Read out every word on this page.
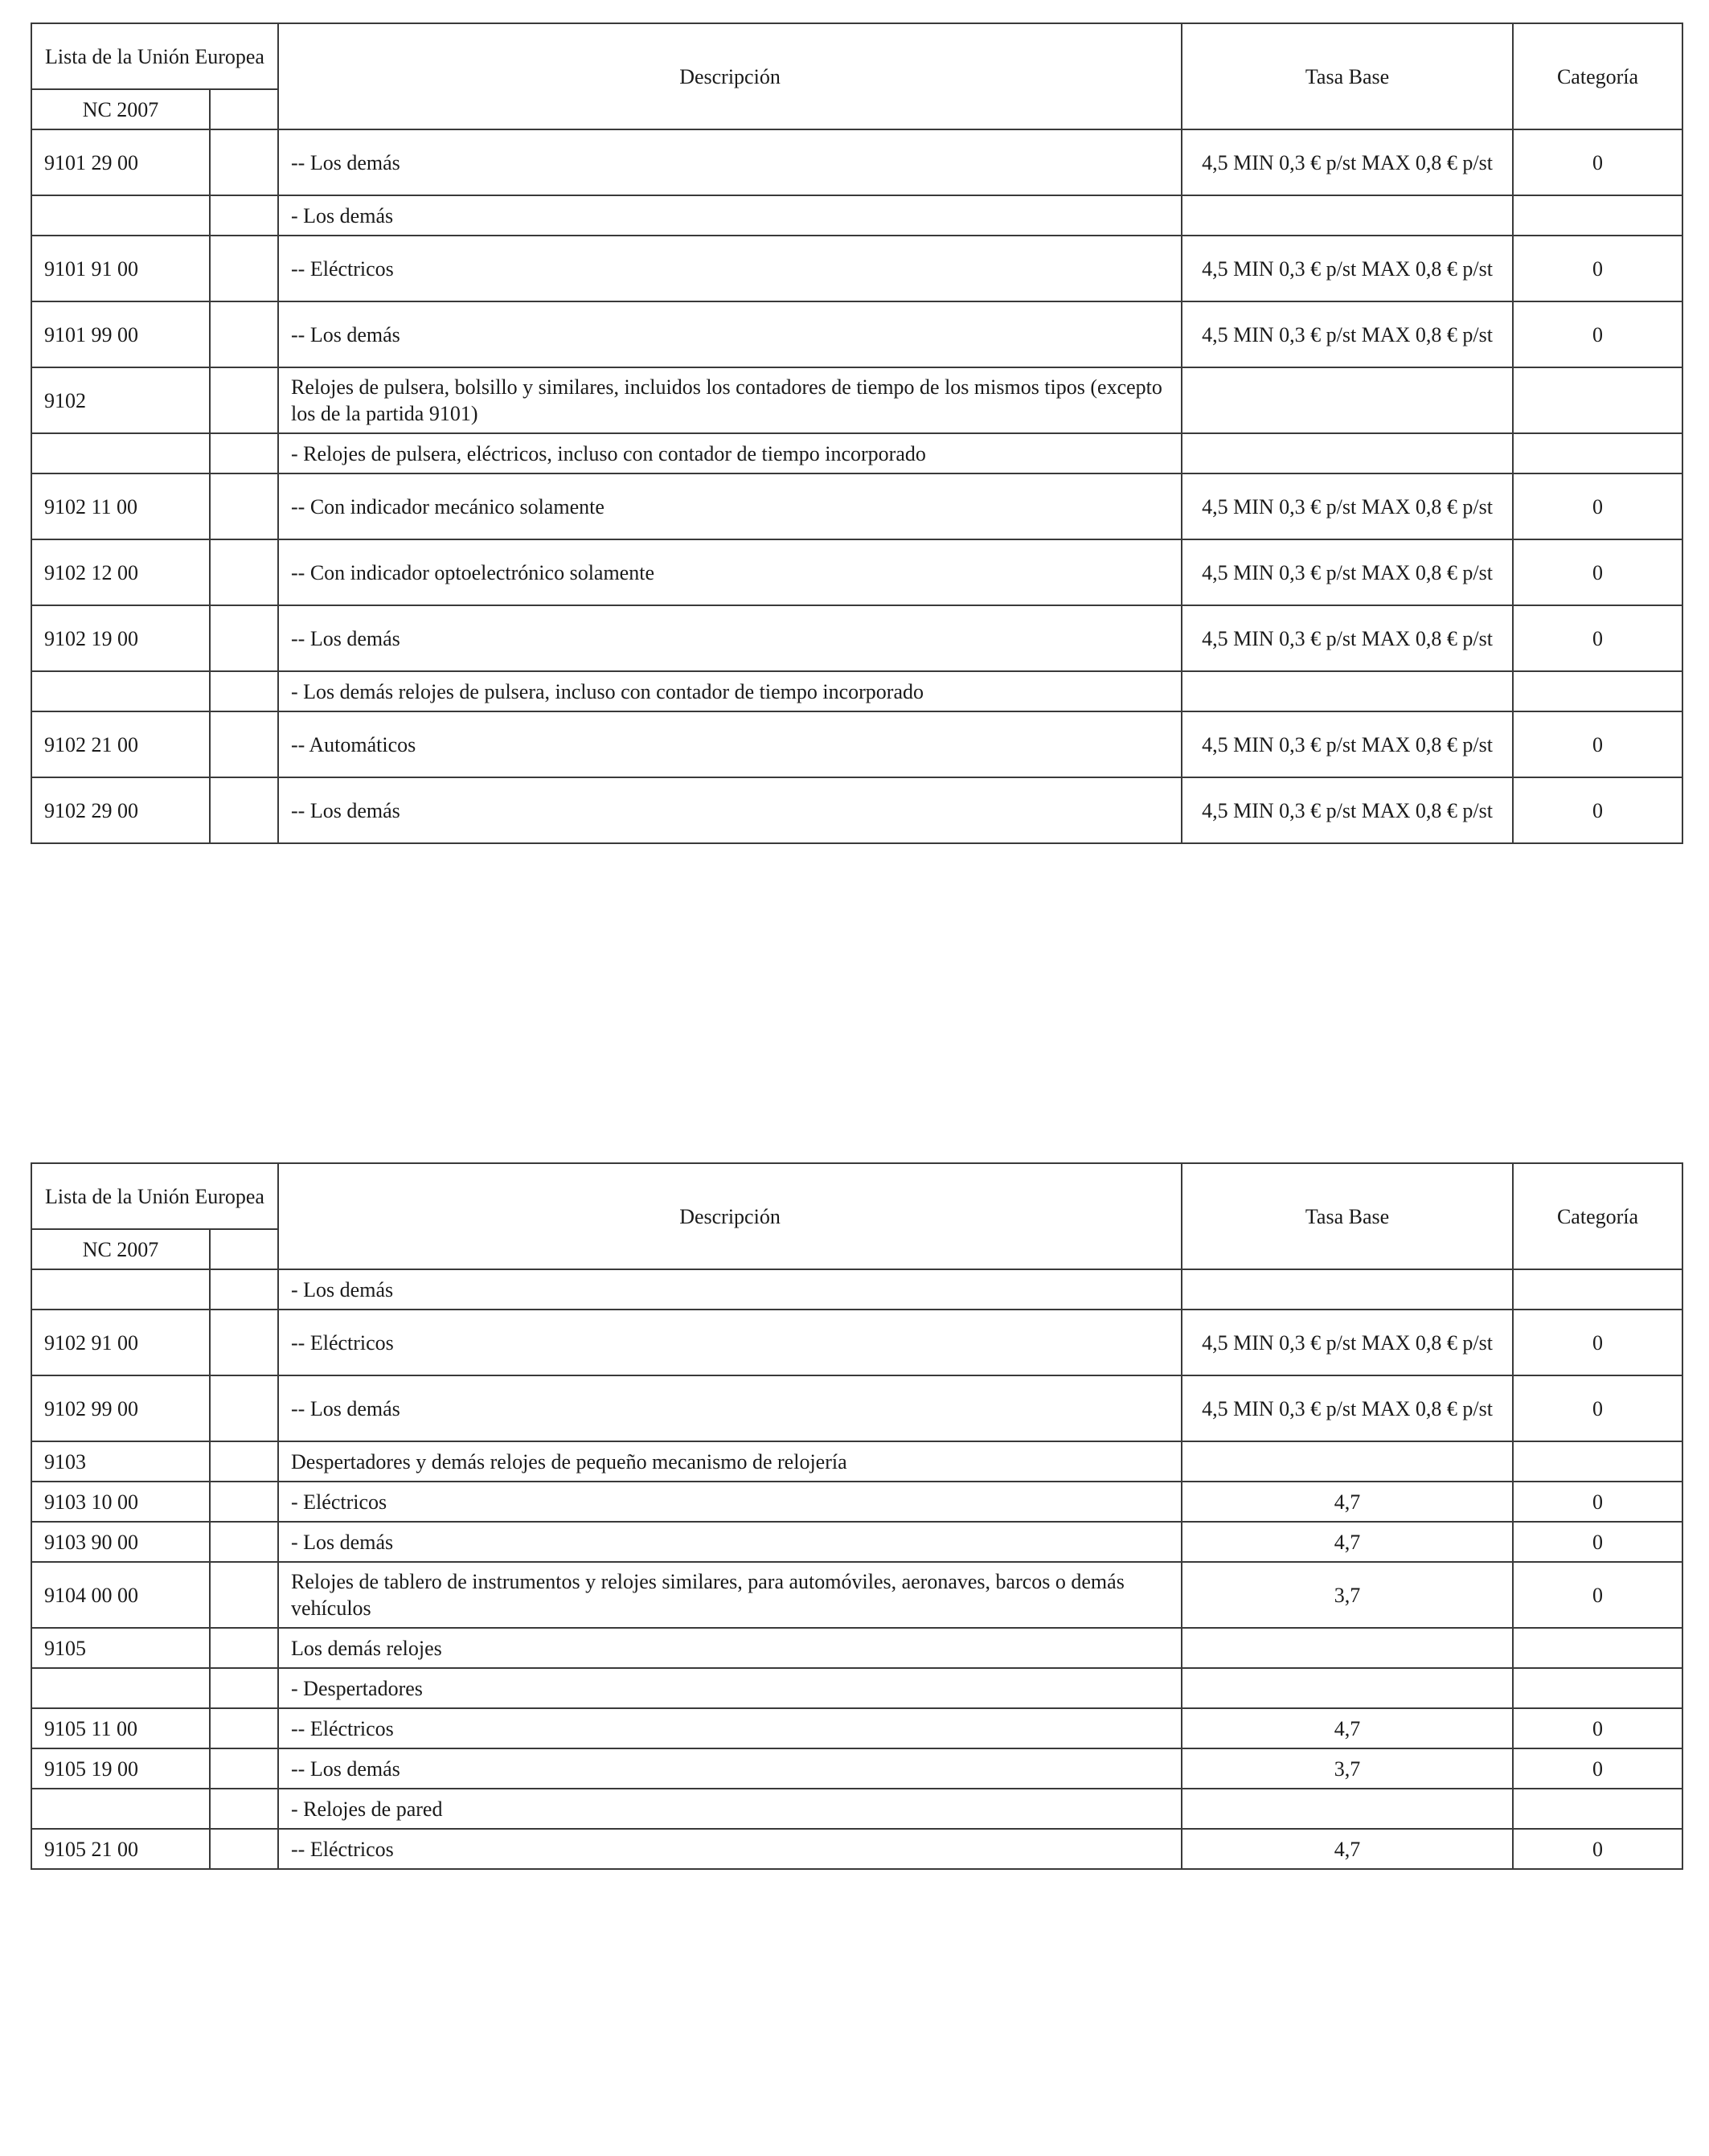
Lista de la Unión Europea		Descripción	Tasa Base	Categoría
NC 2007				
9101 29 00		-- Los demás	4,5 MIN 0,3 € p/st MAX 0,8 € p/st	0
		- Los demás		
9101 91 00		-- Eléctricos	4,5 MIN 0,3 € p/st MAX 0,8 € p/st	0
9101 99 00		-- Los demás	4,5 MIN 0,3 € p/st MAX 0,8 € p/st	0
9102		Relojes de pulsera, bolsillo y similares, incluidos los contadores de tiempo de los mismos tipos (excepto los de la partida 9101)		
		- Relojes de pulsera, eléctricos, incluso con contador de tiempo incorporado		
9102 11 00		-- Con indicador mecánico solamente	4,5 MIN 0,3 € p/st MAX 0,8 € p/st	0
9102 12 00		-- Con indicador optoelectrónico solamente	4,5 MIN 0,3 € p/st MAX 0,8 € p/st	0
9102 19 00		-- Los demás	4,5 MIN 0,3 € p/st MAX 0,8 € p/st	0
		- Los demás relojes de pulsera, incluso con contador de tiempo incorporado		
9102 21 00		-- Automáticos	4,5 MIN 0,3 € p/st MAX 0,8 € p/st	0
9102 29 00		-- Los demás	4,5 MIN 0,3 € p/st MAX 0,8 € p/st	0
Lista de la Unión Europea		Descripción	Tasa Base	Categoría
NC 2007				
		- Los demás		
9102 91 00		-- Eléctricos	4,5 MIN 0,3 € p/st MAX 0,8 € p/st	0
9102 99 00		-- Los demás	4,5 MIN 0,3 € p/st MAX 0,8 € p/st	0
9103		Despertadores y demás relojes de pequeño mecanismo de relojería		
9103 10 00		- Eléctricos	4,7	0
9103 90 00		- Los demás	4,7	0
9104 00 00		Relojes de tablero de instrumentos y relojes similares, para automóviles, aeronaves, barcos o demás vehículos	3,7	0
9105		Los demás relojes		
		- Despertadores		
9105 11 00		-- Eléctricos	4,7	0
9105 19 00		-- Los demás	3,7	0
		- Relojes de pared		
9105 21 00		-- Eléctricos	4,7	0
